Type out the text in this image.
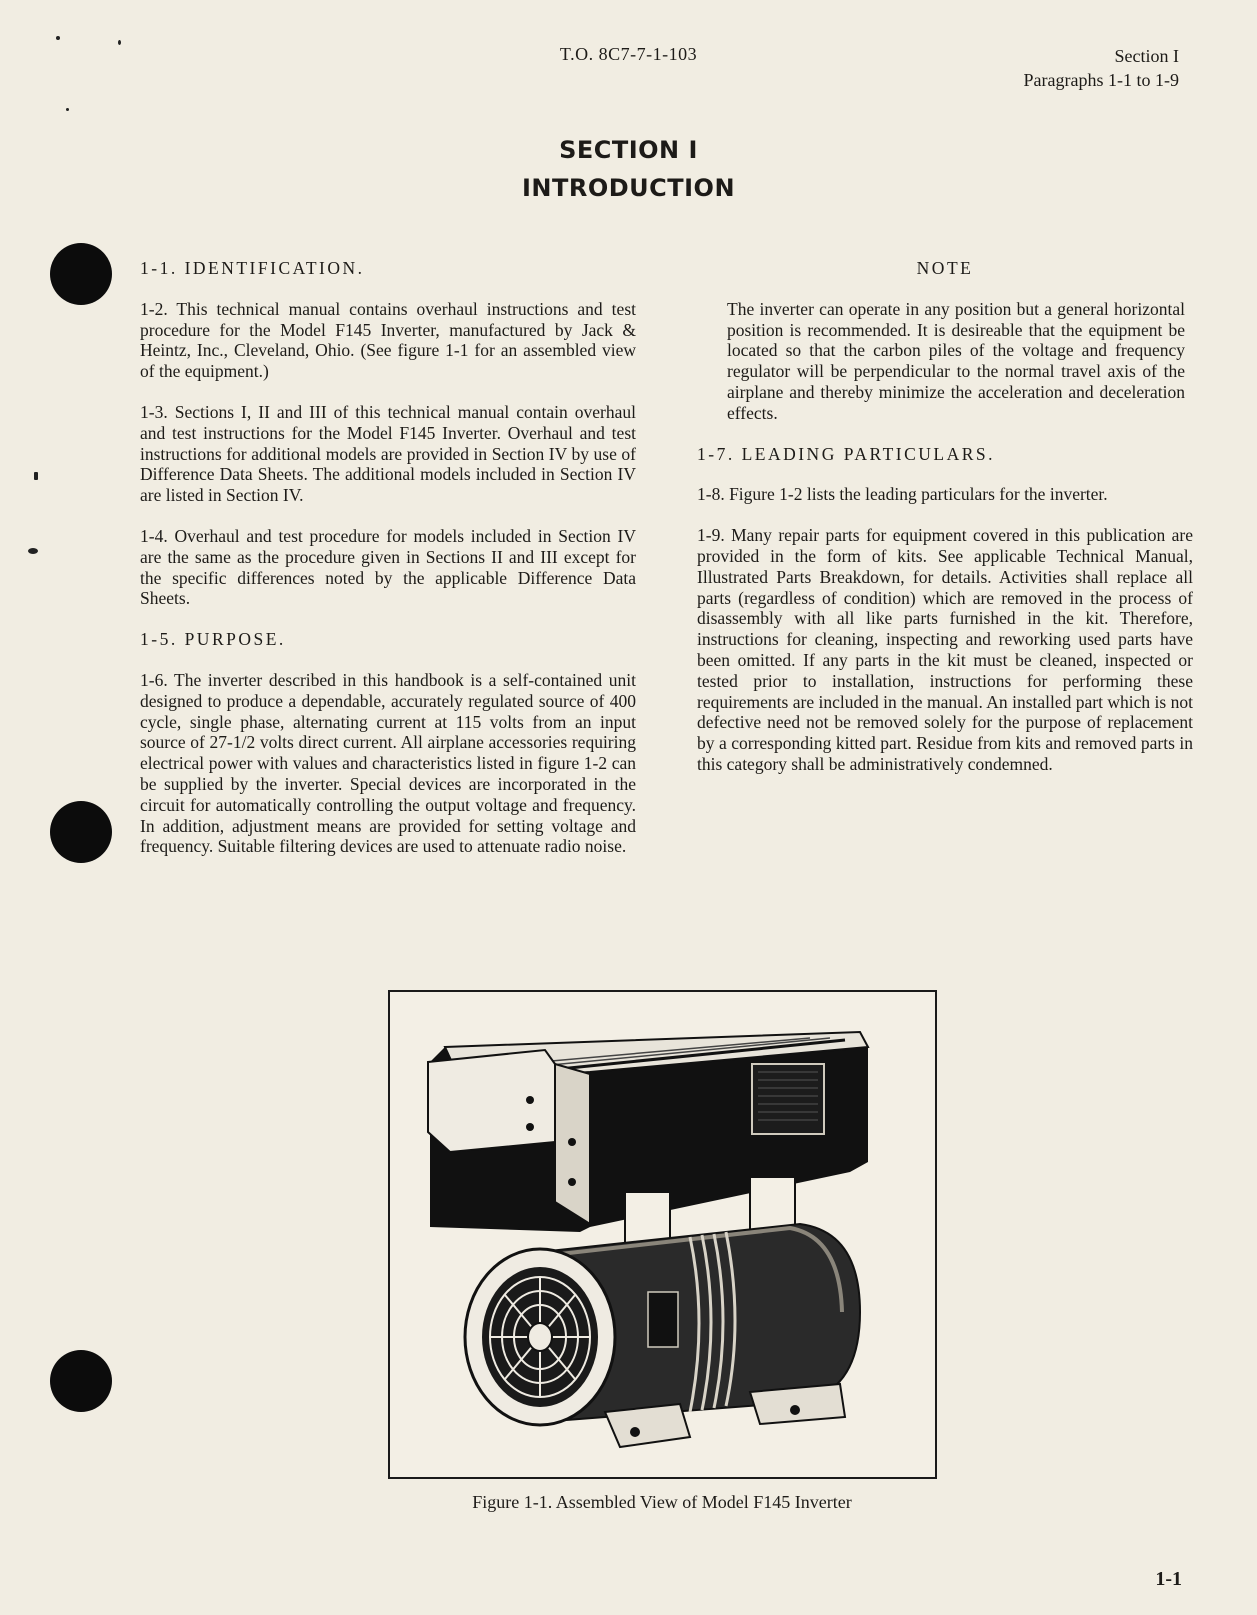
T.O. 8C7-7-1-103	Section I
Paragraphs 1-1 to 1-9
SECTION I
INTRODUCTION
1-1. IDENTIFICATION.

1-2. This technical manual contains overhaul instructions and test procedure for the Model F145 Inverter, manufactured by Jack & Heintz, Inc., Cleveland, Ohio. (See figure 1-1 for an assembled view of the equipment.)

1-3. Sections I, II and III of this technical manual contain overhaul and test instructions for the Model F145 Inverter. Overhaul and test instructions for additional models are provided in Section IV by use of Difference Data Sheets. The additional models included in Section IV are listed in Section IV.

1-4. Overhaul and test procedure for models included in Section IV are the same as the procedure given in Sections II and III except for the specific differences noted by the applicable Difference Data Sheets.

1-5. PURPOSE.

1-6. The inverter described in this handbook is a self-contained unit designed to produce a dependable, accurately regulated source of 400 cycle, single phase, alternating current at 115 volts from an input source of 27-1/2 volts direct current. All airplane accessories requiring electrical power with values and characteristics listed in figure 1-2 can be supplied by the inverter. Special devices are incorporated in the circuit for automatically controlling the output voltage and frequency. In addition, adjustment means are provided for setting voltage and frequency. Suitable filtering devices are used to attenuate radio noise.

NOTE

The inverter can operate in any position but a general horizontal position is recommended. It is desireable that the equipment be located so that the carbon piles of the voltage and frequency regulator will be perpendicular to the normal travel axis of the airplane and thereby minimize the acceleration and deceleration effects.

1-7. LEADING PARTICULARS.

1-8. Figure 1-2 lists the leading particulars for the inverter.

1-9. Many repair parts for equipment covered in this publication are provided in the form of kits. See applicable Technical Manual, Illustrated Parts Breakdown, for details. Activities shall replace all parts (regardless of condition) which are removed in the process of disassembly with all like parts furnished in the kit. Therefore, instructions for cleaning, inspecting and reworking used parts have been omitted. If any parts in the kit must be cleaned, inspected or tested prior to installation, instructions for performing these requirements are included in the manual. An installed part which is not defective need not be removed solely for the purpose of replacement by a corresponding kitted part. Residue from kits and removed parts in this category shall be administratively condemned.

Figure 1-1. Assembled View of Model F145 Inverter
1-1
